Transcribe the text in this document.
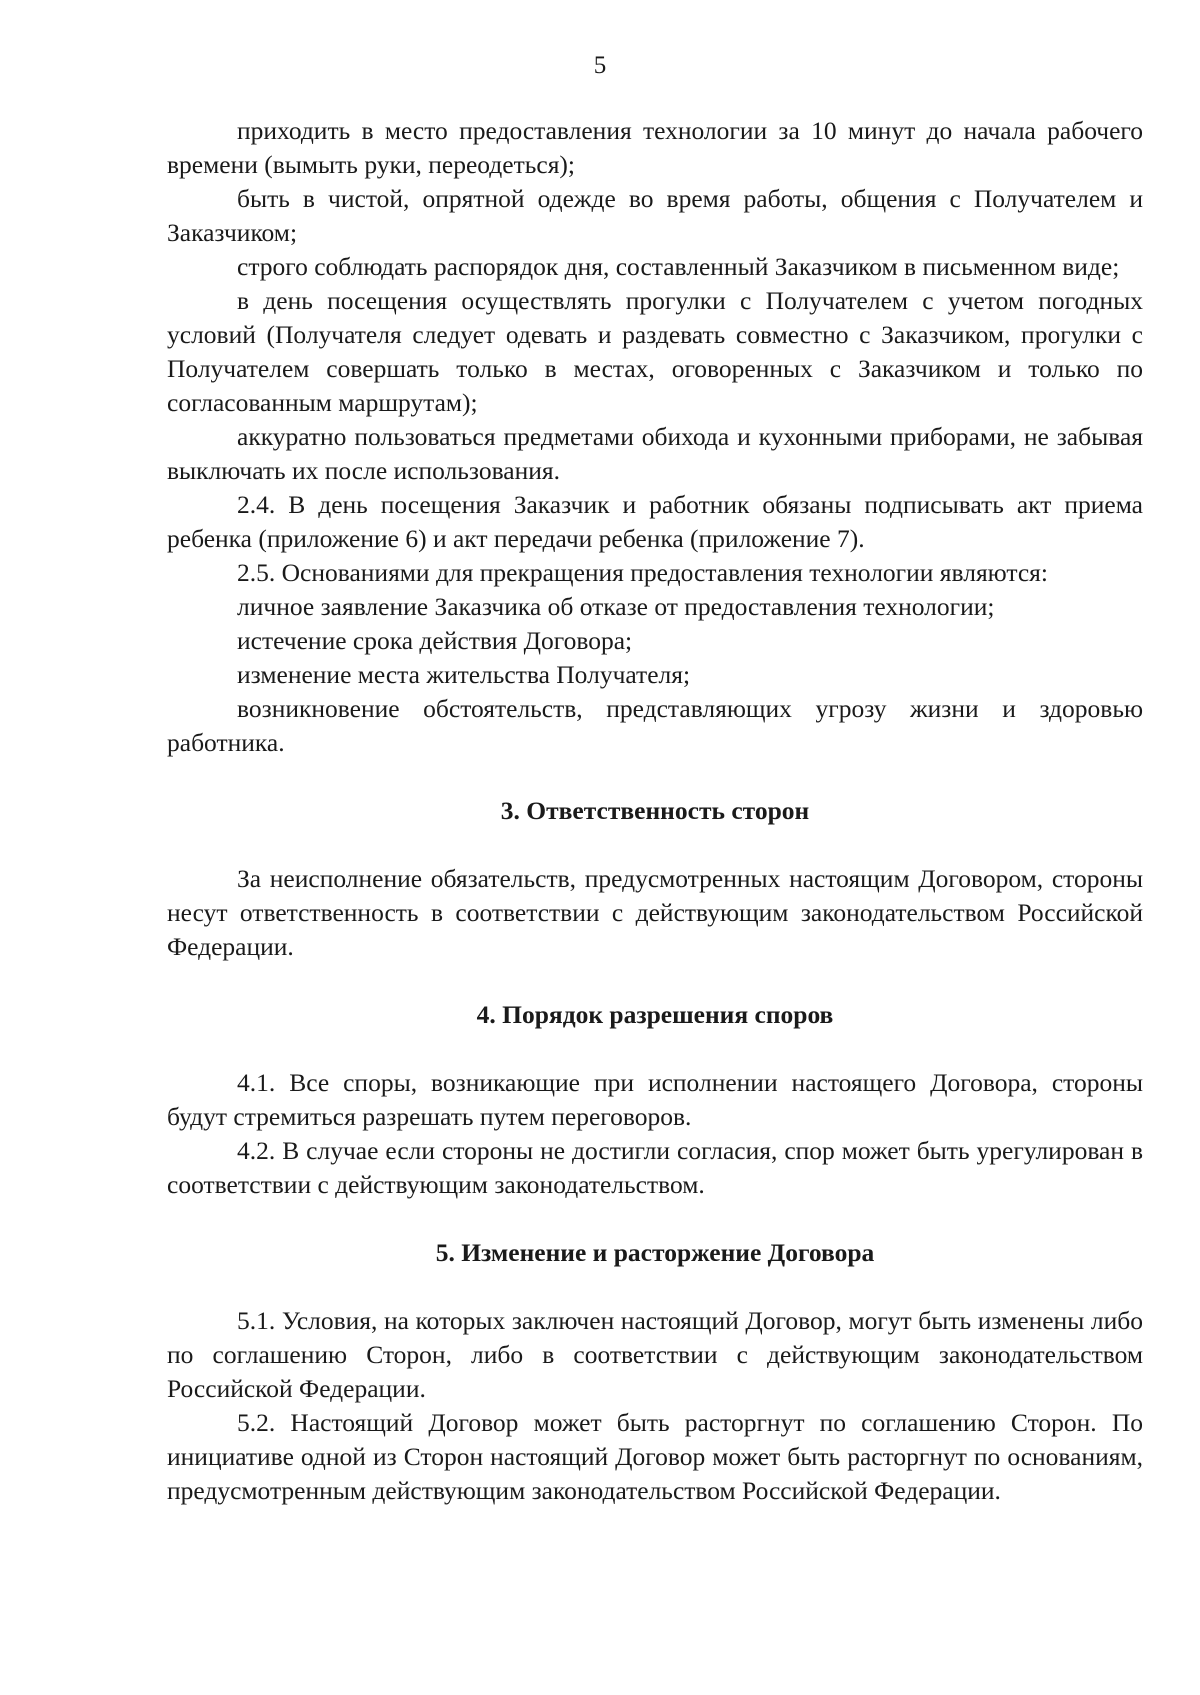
5

приходить в место предоставления технологии за 10 минут до начала рабочего времени (вымыть руки, переодеться);

быть в чистой, опрятной одежде во время работы, общения с Получателем и Заказчиком;

строго соблюдать распорядок дня, составленный Заказчиком в письменном виде;

в день посещения осуществлять прогулки с Получателем с учетом погодных условий (Получателя следует одевать и раздевать совместно с Заказчиком, прогулки с Получателем совершать только в местах, оговоренных с Заказчиком и только по согласованным маршрутам);

аккуратно пользоваться предметами обихода и кухонными приборами, не забывая выключать их после использования.

2.4. В день посещения Заказчик и работник обязаны подписывать акт приема ребенка (приложение 6) и акт передачи ребенка (приложение 7).

2.5. Основаниями для прекращения предоставления технологии являются:

личное заявление Заказчика об отказе от предоставления технологии;

истечение срока действия Договора;

изменение места жительства Получателя;

возникновение обстоятельств, представляющих угрозу жизни и здоровью работника.

3. Ответственность сторон

За неисполнение обязательств, предусмотренных настоящим Договором, стороны несут ответственность в соответствии с действующим законодательством Российской Федерации.

4. Порядок разрешения споров

4.1. Все споры, возникающие при исполнении настоящего Договора, стороны будут стремиться разрешать путем переговоров.

4.2. В случае если стороны не достигли согласия, спор может быть урегулирован в соответствии с действующим законодательством.

5. Изменение и расторжение Договора

5.1. Условия, на которых заключен настоящий Договор, могут быть изменены либо по соглашению Сторон, либо в соответствии с действующим законодательством Российской Федерации.

5.2. Настоящий Договор может быть расторгнут по соглашению Сторон. По инициативе одной из Сторон настоящий Договор может быть расторгнут по основаниям, предусмотренным действующим законодательством Российской Федерации.
